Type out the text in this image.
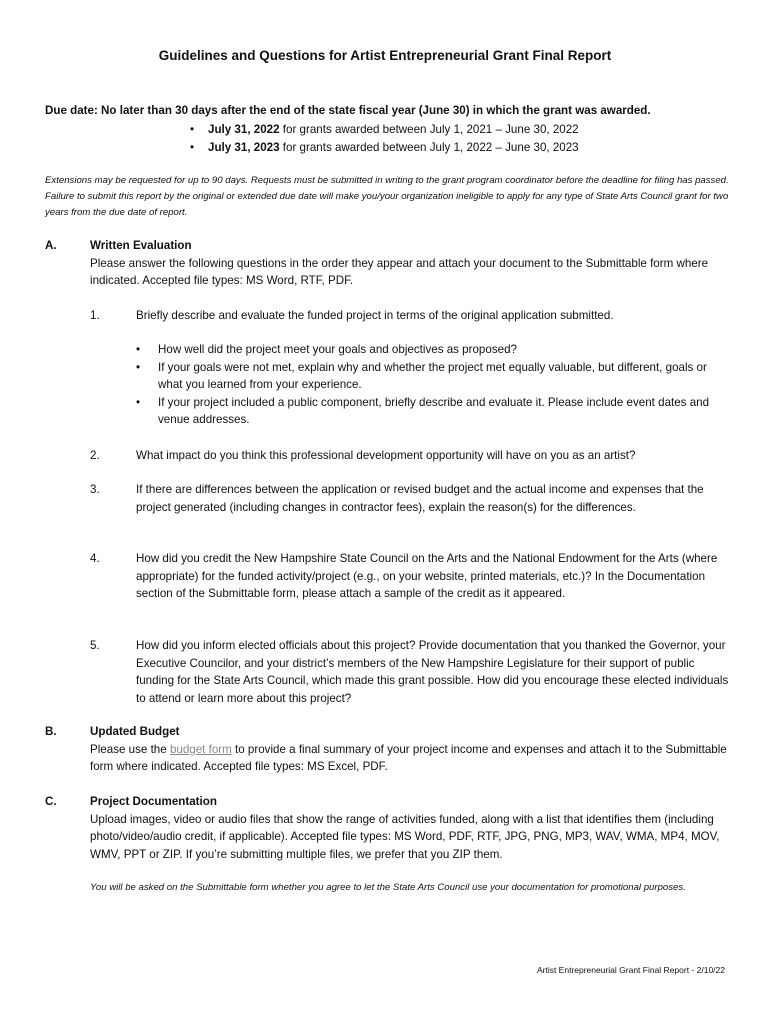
Guidelines and Questions for Artist Entrepreneurial Grant Final Report
Due date: No later than 30 days after the end of the state fiscal year (June 30) in which the grant was awarded.
• July 31, 2022 for grants awarded between July 1, 2021 – June 30, 2022
• July 31, 2023 for grants awarded between July 1, 2022 – June 30, 2023
Extensions may be requested for up to 90 days. Requests must be submitted in writing to the grant program coordinator before the deadline for filing has passed. Failure to submit this report by the original or extended due date will make you/your organization ineligible to apply for any type of State Arts Council grant for two years from the due date of report.
A.	Written Evaluation
Please answer the following questions in the order they appear and attach your document to the Submittable form where indicated. Accepted file types: MS Word, RTF, PDF.
1.	Briefly describe and evaluate the funded project in terms of the original application submitted.
• How well did the project meet your goals and objectives as proposed?
• If your goals were not met, explain why and whether the project met equally valuable, but different, goals or what you learned from your experience.
• If your project included a public component, briefly describe and evaluate it. Please include event dates and venue addresses.
2.	What impact do you think this professional development opportunity will have on you as an artist?
3.	If there are differences between the application or revised budget and the actual income and expenses that the project generated (including changes in contractor fees), explain the reason(s) for the differences.
4.	How did you credit the New Hampshire State Council on the Arts and the National Endowment for the Arts (where appropriate) for the funded activity/project (e.g., on your website, printed materials, etc.)? In the Documentation section of the Submittable form, please attach a sample of the credit as it appeared.
5.	How did you inform elected officials about this project? Provide documentation that you thanked the Governor, your Executive Councilor, and your district’s members of the New Hampshire Legislature for their support of public funding for the State Arts Council, which made this grant possible. How did you encourage these elected individuals to attend or learn more about this project?
B.	Updated Budget
Please use the budget form to provide a final summary of your project income and expenses and attach it to the Submittable form where indicated. Accepted file types: MS Excel, PDF.
C.	Project Documentation
Upload images, video or audio files that show the range of activities funded, along with a list that identifies them (including photo/video/audio credit, if applicable). Accepted file types: MS Word, PDF, RTF, JPG, PNG, MP3, WAV, WMA, MP4, MOV, WMV, PPT or ZIP. If you’re submitting multiple files, we prefer that you ZIP them.
You will be asked on the Submittable form whether you agree to let the State Arts Council use your documentation for promotional purposes.
Artist Entrepreneurial Grant Final Report - 2/10/22
